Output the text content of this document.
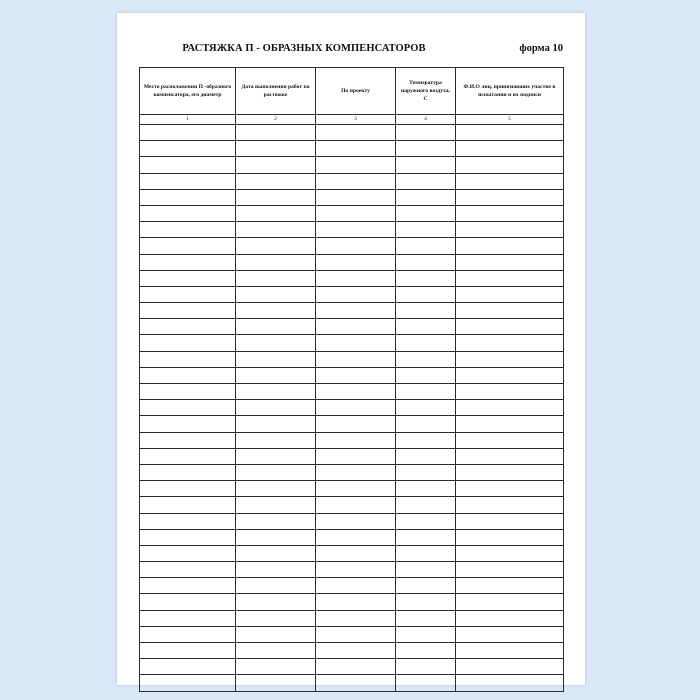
РАСТЯЖКА П - ОБРАЗНЫХ КОМПЕНСАТОРОВ	форма 10
Место расположении П -образного компенсатора, его диаметр	Дата выполнения работ по растяжке	По проекту	Температура наружного воздуха, С	Ф.И.О лиц, принимавших участие в испытании и их подписи
1	2	3	4	5
